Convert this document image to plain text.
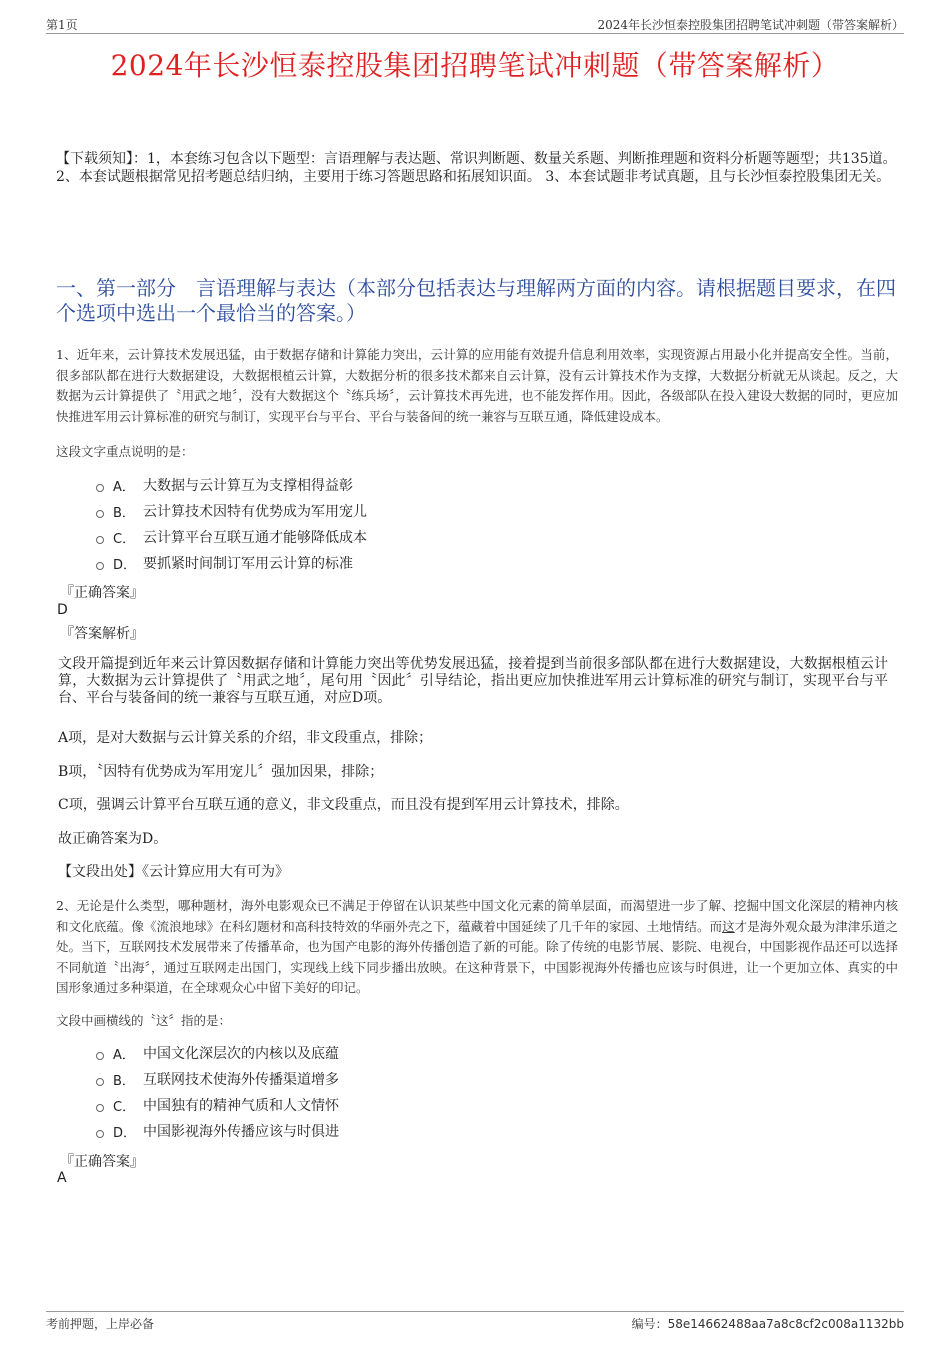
第1页	2024年长沙恒泰控股集团招聘笔试冲刺题（带答案解析）
2024年长沙恒泰控股集团招聘笔试冲刺题（带答案解析）
【下载须知】：1，本套练习包含以下题型：言语理解与表达题、常识判断题、数量关系题、判断推理题和资料分析题等题型；共135道。 2、本套试题根据常见招考题总结归纳，主要用于练习答题思路和拓展知识面。 3、本套试题非考试真题，且与长沙恒泰控股集团无关。
一、第一部分　言语理解与表达（本部分包括表达与理解两方面的内容。请根据题目要求，在四个选项中选出一个最恰当的答案。）
1、近年来，云计算技术发展迅猛，由于数据存储和计算能力突出，云计算的应用能有效提升信息利用效率，实现资源占用最小化并提高安全性。当前，很多部队都在进行大数据建设，大数据根植云计算，大数据分析的很多技术都来自云计算，没有云计算技术作为支撑，大数据分析就无从谈起。反之，大数据为云计算提供了〝用武之地〞，没有大数据这个〝练兵场〞，云计算技术再先进，也不能发挥作用。因此，各级部队在投入建设大数据的同时，更应加快推进军用云计算标准的研究与制订，实现平台与平台、平台与装备间的统一兼容与互联互通，降低建设成本。
这段文字重点说明的是：
A． 大数据与云计算互为支撑相得益彰
B． 云计算技术因特有优势成为军用宠儿
C． 云计算平台互联互通才能够降低成本
D． 要抓紧时间制订军用云计算的标准
『正确答案』
D
『答案解析』
文段开篇提到近年来云计算因数据存储和计算能力突出等优势发展迅猛，接着提到当前很多部队都在进行大数据建设，大数据根植云计算，大数据为云计算提供了〝用武之地〞，尾句用〝因此〞引导结论，指出更应加快推进军用云计算标准的研究与制订，实现平台与平台、平台与装备间的统一兼容与互联互通，对应D项。
A项，是对大数据与云计算关系的介绍，非文段重点，排除；
B项，〝因特有优势成为军用宠儿〞强加因果，排除；
C项，强调云计算平台互联互通的意义，非文段重点，而且没有提到军用云计算技术，排除。
故正确答案为D。
【文段出处】《云计算应用大有可为》
2、无论是什么类型，哪种题材，海外电影观众已不满足于停留在认识某些中国文化元素的简单层面，而渴望进一步了解、挖掘中国文化深层的精神内核和文化底蕴。像《流浪地球》在科幻题材和高科技特效的华丽外壳之下，蕴藏着中国延续了几千年的家园、土地情结。而这才是海外观众最为津津乐道之处。当下，互联网技术发展带来了传播革命，也为国产电影的海外传播创造了新的可能。除了传统的电影节展、影院、电视台，中国影视作品还可以选择不同航道〝出海〞，通过互联网走出国门，实现线上线下同步播出放映。在这种背景下，中国影视海外传播也应该与时俱进，让一个更加立体、真实的中国形象通过多种渠道，在全球观众心中留下美好的印记。
文段中画横线的〝这〞指的是：
A． 中国文化深层次的内核以及底蕴
B． 互联网技术使海外传播渠道增多
C． 中国独有的精神气质和人文情怀
D． 中国影视海外传播应该与时俱进
『正确答案』
A
考前押题，上岸必备	编号：58e14662488aa7a8c8cf2c008a1132bb
